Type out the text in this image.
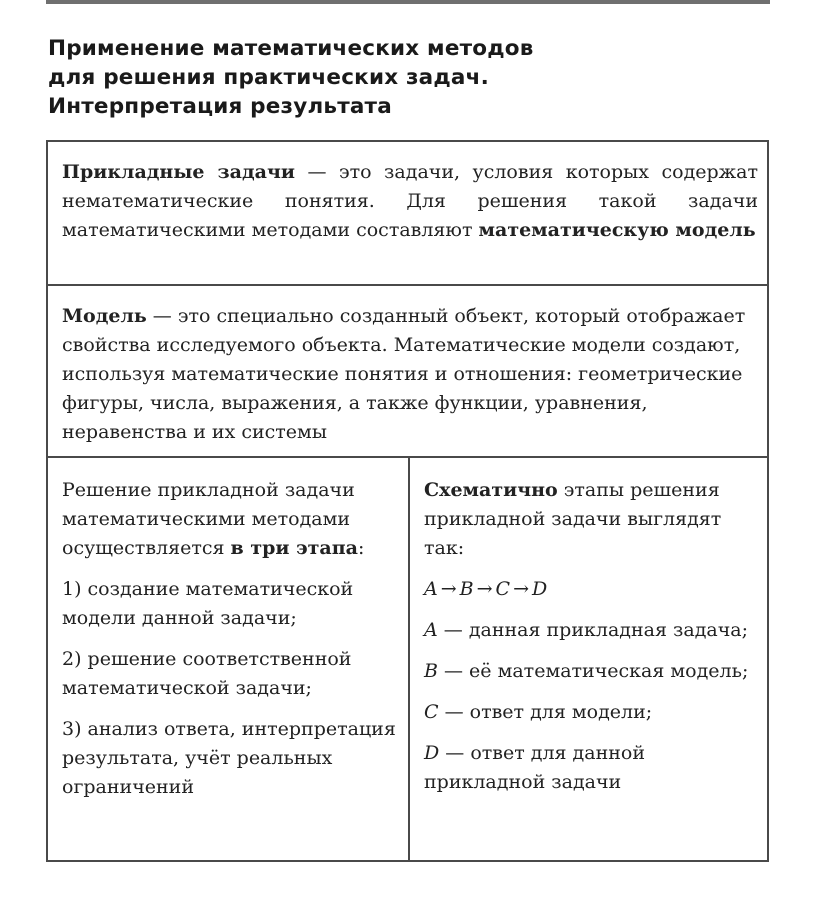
Применение математических методов
для решения практических задач.
Интерпретация результата

Прикладные задачи — это задачи, условия которых содержат нематематические понятия. Для решения такой задачи математическими методами составляют математическую модель

Модель — это специально созданный объект, который отображает свойства исследуемого объекта. Математические модели создают, используя математические понятия и отношения: геометрические фигуры, числа, выражения, а также функции, уравнения, неравенства и их системы

Решение прикладной задачи математическими методами осуществляется в три этапа:

1) создание математической модели данной задачи;

2) решение соответственной математической задачи;

3) анализ ответа, интерпретация результата, учёт реальных ограничений

Схематично этапы решения прикладной задачи выглядят так:

A → B → C → D

A — данная прикладная задача;

B — её математическая модель;

C — ответ для модели;

D — ответ для данной прикладной задачи
